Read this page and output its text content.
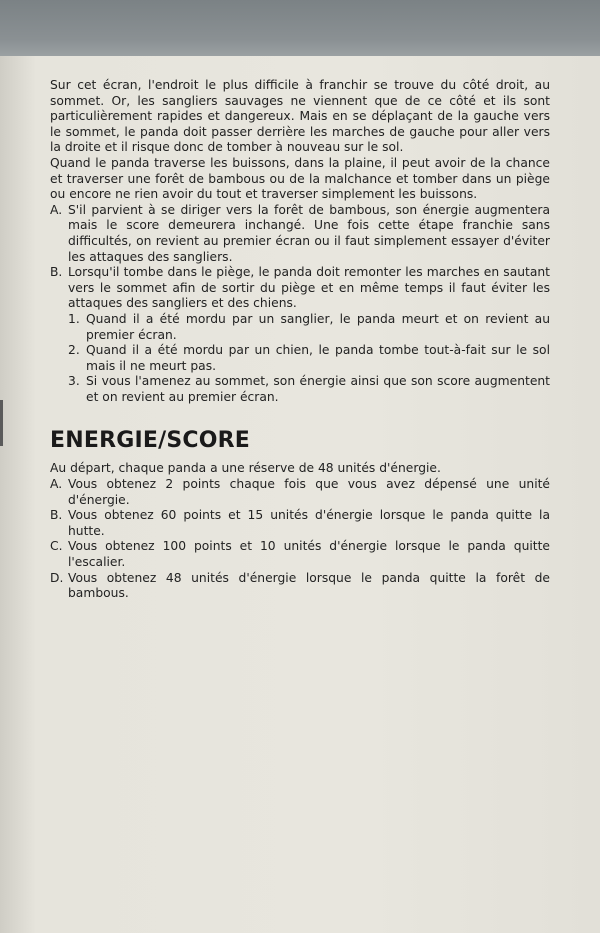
Sur cet écran, l'endroit le plus difficile à franchir se trouve du côté droit, au sommet. Or, les sangliers sauvages ne viennent que de ce côté et ils sont particulièrement rapides et dangereux. Mais en se déplaçant de la gauche vers le sommet, le panda doit passer derrière les marches de gauche pour aller vers la droite et il risque donc de tomber à nouveau sur le sol.

Quand le panda traverse les buissons, dans la plaine, il peut avoir de la chance et traverser une forêt de bambous ou de la malchance et tomber dans un piège ou encore ne rien avoir du tout et traverser simplement les buissons.

A. S'il parvient à se diriger vers la forêt de bambous, son énergie augmentera mais le score demeurera inchangé. Une fois cette étape franchie sans difficultés, on revient au premier écran ou il faut simplement essayer d'éviter les attaques des sangliers.
B. Lorsqu'il tombe dans le piège, le panda doit remonter les marches en sautant vers le sommet afin de sortir du piège et en même temps il faut éviter les attaques des sangliers et des chiens.
1. Quand il a été mordu par un sanglier, le panda meurt et on revient au premier écran.
2. Quand il a été mordu par un chien, le panda tombe tout-à-fait sur le sol mais il ne meurt pas.
3. Si vous l'amenez au sommet, son énergie ainsi que son score augmentent et on revient au premier écran.
ENERGIE/SCORE

Au départ, chaque panda a une réserve de 48 unités d'énergie.

A. Vous obtenez 2 points chaque fois que vous avez dépensé une unité d'énergie.
B. Vous obtenez 60 points et 15 unités d'énergie lorsque le panda quitte la hutte.
C. Vous obtenez 100 points et 10 unités d'énergie lorsque le panda quitte l'escalier.
D. Vous obtenez 48 unités d'énergie lorsque le panda quitte la forêt de bambous.
